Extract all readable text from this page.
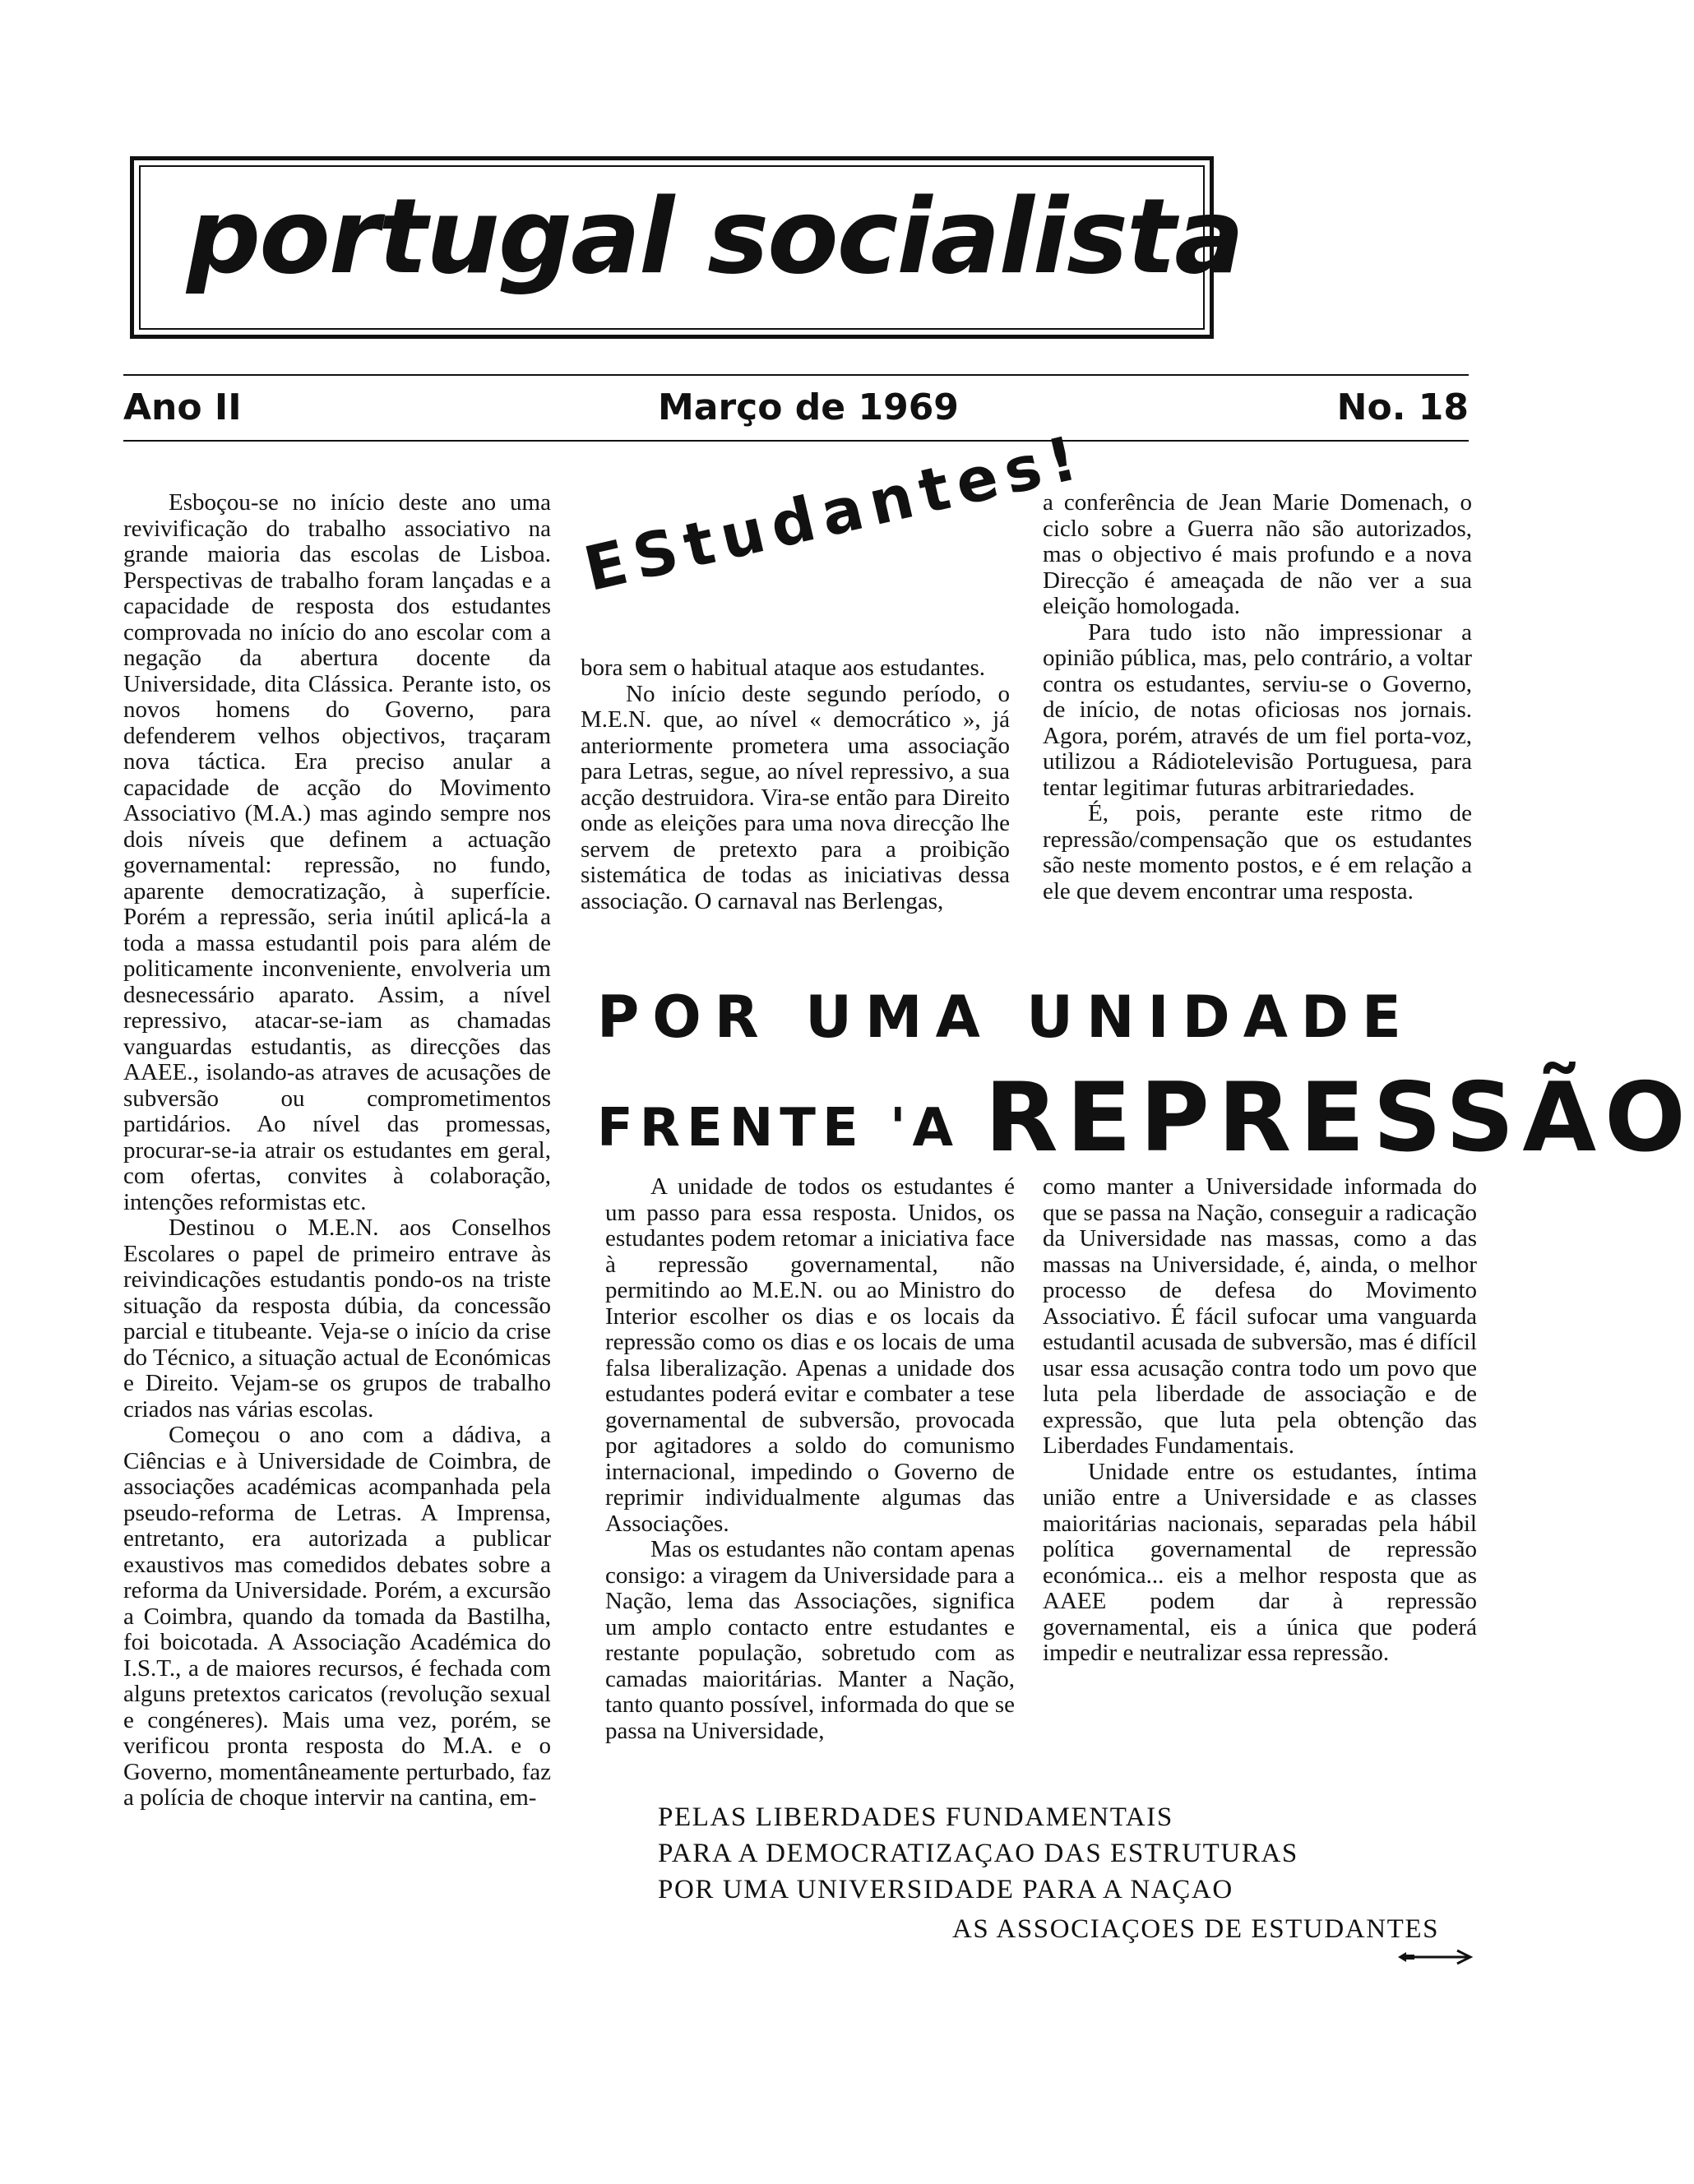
portugal socialista
Ano II	Março de 1969	No. 18

Esboçou-se no início deste ano uma revivificação do trabalho associativo na grande maioria das escolas de Lisboa. Perspectivas de trabalho foram lançadas e a capacidade de resposta dos estudantes comprovada no início do ano escolar com a negação da abertura docente da Universidade, dita Clássica. Perante isto, os novos homens do Governo, para defenderem velhos objectivos, traçaram nova táctica. Era preciso anular a capacidade de acção do Movimento Associativo (M.A.) mas agindo sempre nos dois níveis que definem a actuação governamental: repressão, no fundo, aparente democratização, à superfície. Porém a repressão, seria inútil aplicá-la a toda a massa estudantil pois para além de politicamente inconveniente, envolveria um desnecessário aparato. Assim, a nível repressivo, atacar-se-iam as chamadas vanguardas estudantis, as direcções das AAEE., isolando-as atraves de acusações de subversão ou comprometimentos partidários. Ao nível das promessas, procurar-se-ia atrair os estudantes em geral, com ofertas, convites à colaboração, intenções reformistas etc.

Destinou o M.E.N. aos Conselhos Escolares o papel de primeiro entrave às reivindicações estudantis pondo-os na triste situação da resposta dúbia, da concessão parcial e titubeante. Veja-se o início da crise do Técnico, a situação actual de Económicas e Direito. Vejam-se os grupos de trabalho criados nas várias escolas.

Começou o ano com a dádiva, a Ciências e à Universidade de Coimbra, de associações académicas acompanhada pela pseudo-reforma de Letras. A Imprensa, entretanto, era autorizada a publicar exaustivos mas comedidos debates sobre a reforma da Universidade. Porém, a excursão a Coimbra, quando da tomada da Bastilha, foi boicotada. A Associação Académica do I.S.T., a de maiores recursos, é fechada com alguns pretextos caricatos (revolução sexual e congéneres). Mais uma vez, porém, se verificou pronta resposta do M.A. e o Governo, momentâneamente perturbado, faz a polícia de choque intervir na cantina, em-

EStudantes!

bora sem o habitual ataque aos estudantes.

No início deste segundo período, o M.E.N. que, ao nível « democrático », já anteriormente prometera uma associação para Letras, segue, ao nível repressivo, a sua acção destruidora. Vira-se então para Direito onde as eleições para uma nova direcção lhe servem de pretexto para a proibição sistemática de todas as iniciativas dessa associação. O carnaval nas Berlengas,

a conferência de Jean Marie Domenach, o ciclo sobre a Guerra não são autorizados, mas o objectivo é mais profundo e a nova Direcção é ameaçada de não ver a sua eleição homologada.

Para tudo isto não impressionar a opinião pública, mas, pelo contrário, a voltar contra os estudantes, serviu-se o Governo, de início, de notas oficiosas nos jornais. Agora, porém, através de um fiel porta-voz, utilizou a Rádiotelevisão Portuguesa, para tentar legitimar futuras arbitrariedades.

É, pois, perante este ritmo de repressão/compensação que os estudantes são neste momento postos, e é em relação a ele que devem encontrar uma resposta.

POR UMA UNIDADE
FRENTE 'A REPRESSÃO

A unidade de todos os estudantes é um passo para essa resposta. Unidos, os estudantes podem retomar a iniciativa face à repressão governamental, não permitindo ao M.E.N. ou ao Ministro do Interior escolher os dias e os locais da repressão como os dias e os locais de uma falsa liberalização. Apenas a unidade dos estudantes poderá evitar e combater a tese governamental de subversão, provocada por agitadores a soldo do comunismo internacional, impedindo o Governo de reprimir individualmente algumas das Associações.

Mas os estudantes não contam apenas consigo: a viragem da Universidade para a Nação, lema das Associações, significa um amplo contacto entre estudantes e restante população, sobretudo com as camadas maioritárias. Manter a Nação, tanto quanto possível, informada do que se passa na Universidade,

como manter a Universidade informada do que se passa na Nação, conseguir a radicação da Universidade nas massas, como a das massas na Universidade, é, ainda, o melhor processo de defesa do Movimento Associativo. É fácil sufocar uma vanguarda estudantil acusada de subversão, mas é difícil usar essa acusação contra todo um povo que luta pela liberdade de associação e de expressão, que luta pela obtenção das Liberdades Fundamentais.

Unidade entre os estudantes, íntima união entre a Universidade e as classes maioritárias nacionais, separadas pela hábil política governamental de repressão económica... eis a melhor resposta que as AAEE podem dar à repressão governamental, eis a única que poderá impedir e neutralizar essa repressão.

PELAS LIBERDADES FUNDAMENTAIS
PARA A DEMOCRATIZAÇAO DAS ESTRUTURAS
POR UMA UNIVERSIDADE PARA A NAÇAO
AS ASSOCIAÇOES DE ESTUDANTES
